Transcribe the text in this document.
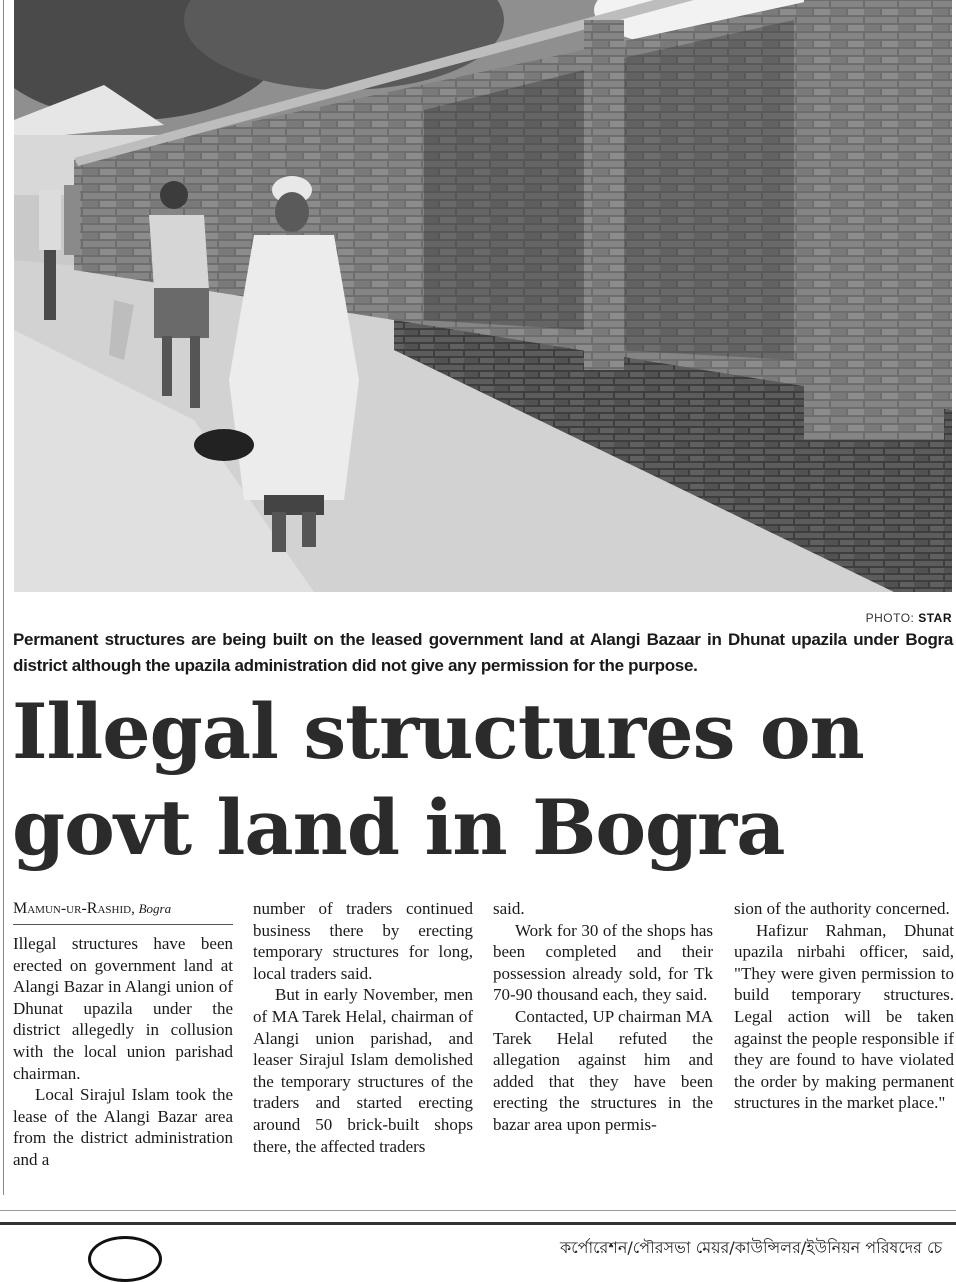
PHOTO: STAR
Permanent structures are being built on the leased government land at Alangi Bazaar in Dhunat upazila under Bogra district although the upazila administration did not give any permission for the purpose.
Illegal structures on govt land in Bogra
Mamun-ur-Rashid, Bogra

Illegal structures have been erected on government land at Alangi Bazar in Alangi union of Dhunat upazila under the district allegedly in collusion with the local union parishad chairman.

Local Sirajul Islam took the lease of the Alangi Bazar area from the district administration and a

number of traders continued business there by erecting temporary structures for long, local traders said.

But in early November, men of MA Tarek Helal, chairman of Alangi union parishad, and leaser Sirajul Islam demolished the temporary structures of the traders and started erecting around 50 brick-built shops there, the affected traders

said.

Work for 30 of the shops has been completed and their possession already sold, for Tk 70-90 thousand each, they said.

Contacted, UP chairman MA Tarek Helal refuted the allegation against him and added that they have been erecting the structures in the bazar area upon permis-

sion of the authority concerned.

Hafizur Rahman, Dhunat upazila nirbahi officer, said, "They were given permission to build temporary structures. Legal action will be taken against the people responsible if they are found to have violated the order by making permanent structures in the market place."

কর্পোরেশন/পৌরসভা মেয়র/কাউন্সিলর/ইউনিয়ন পরিষদের চে
